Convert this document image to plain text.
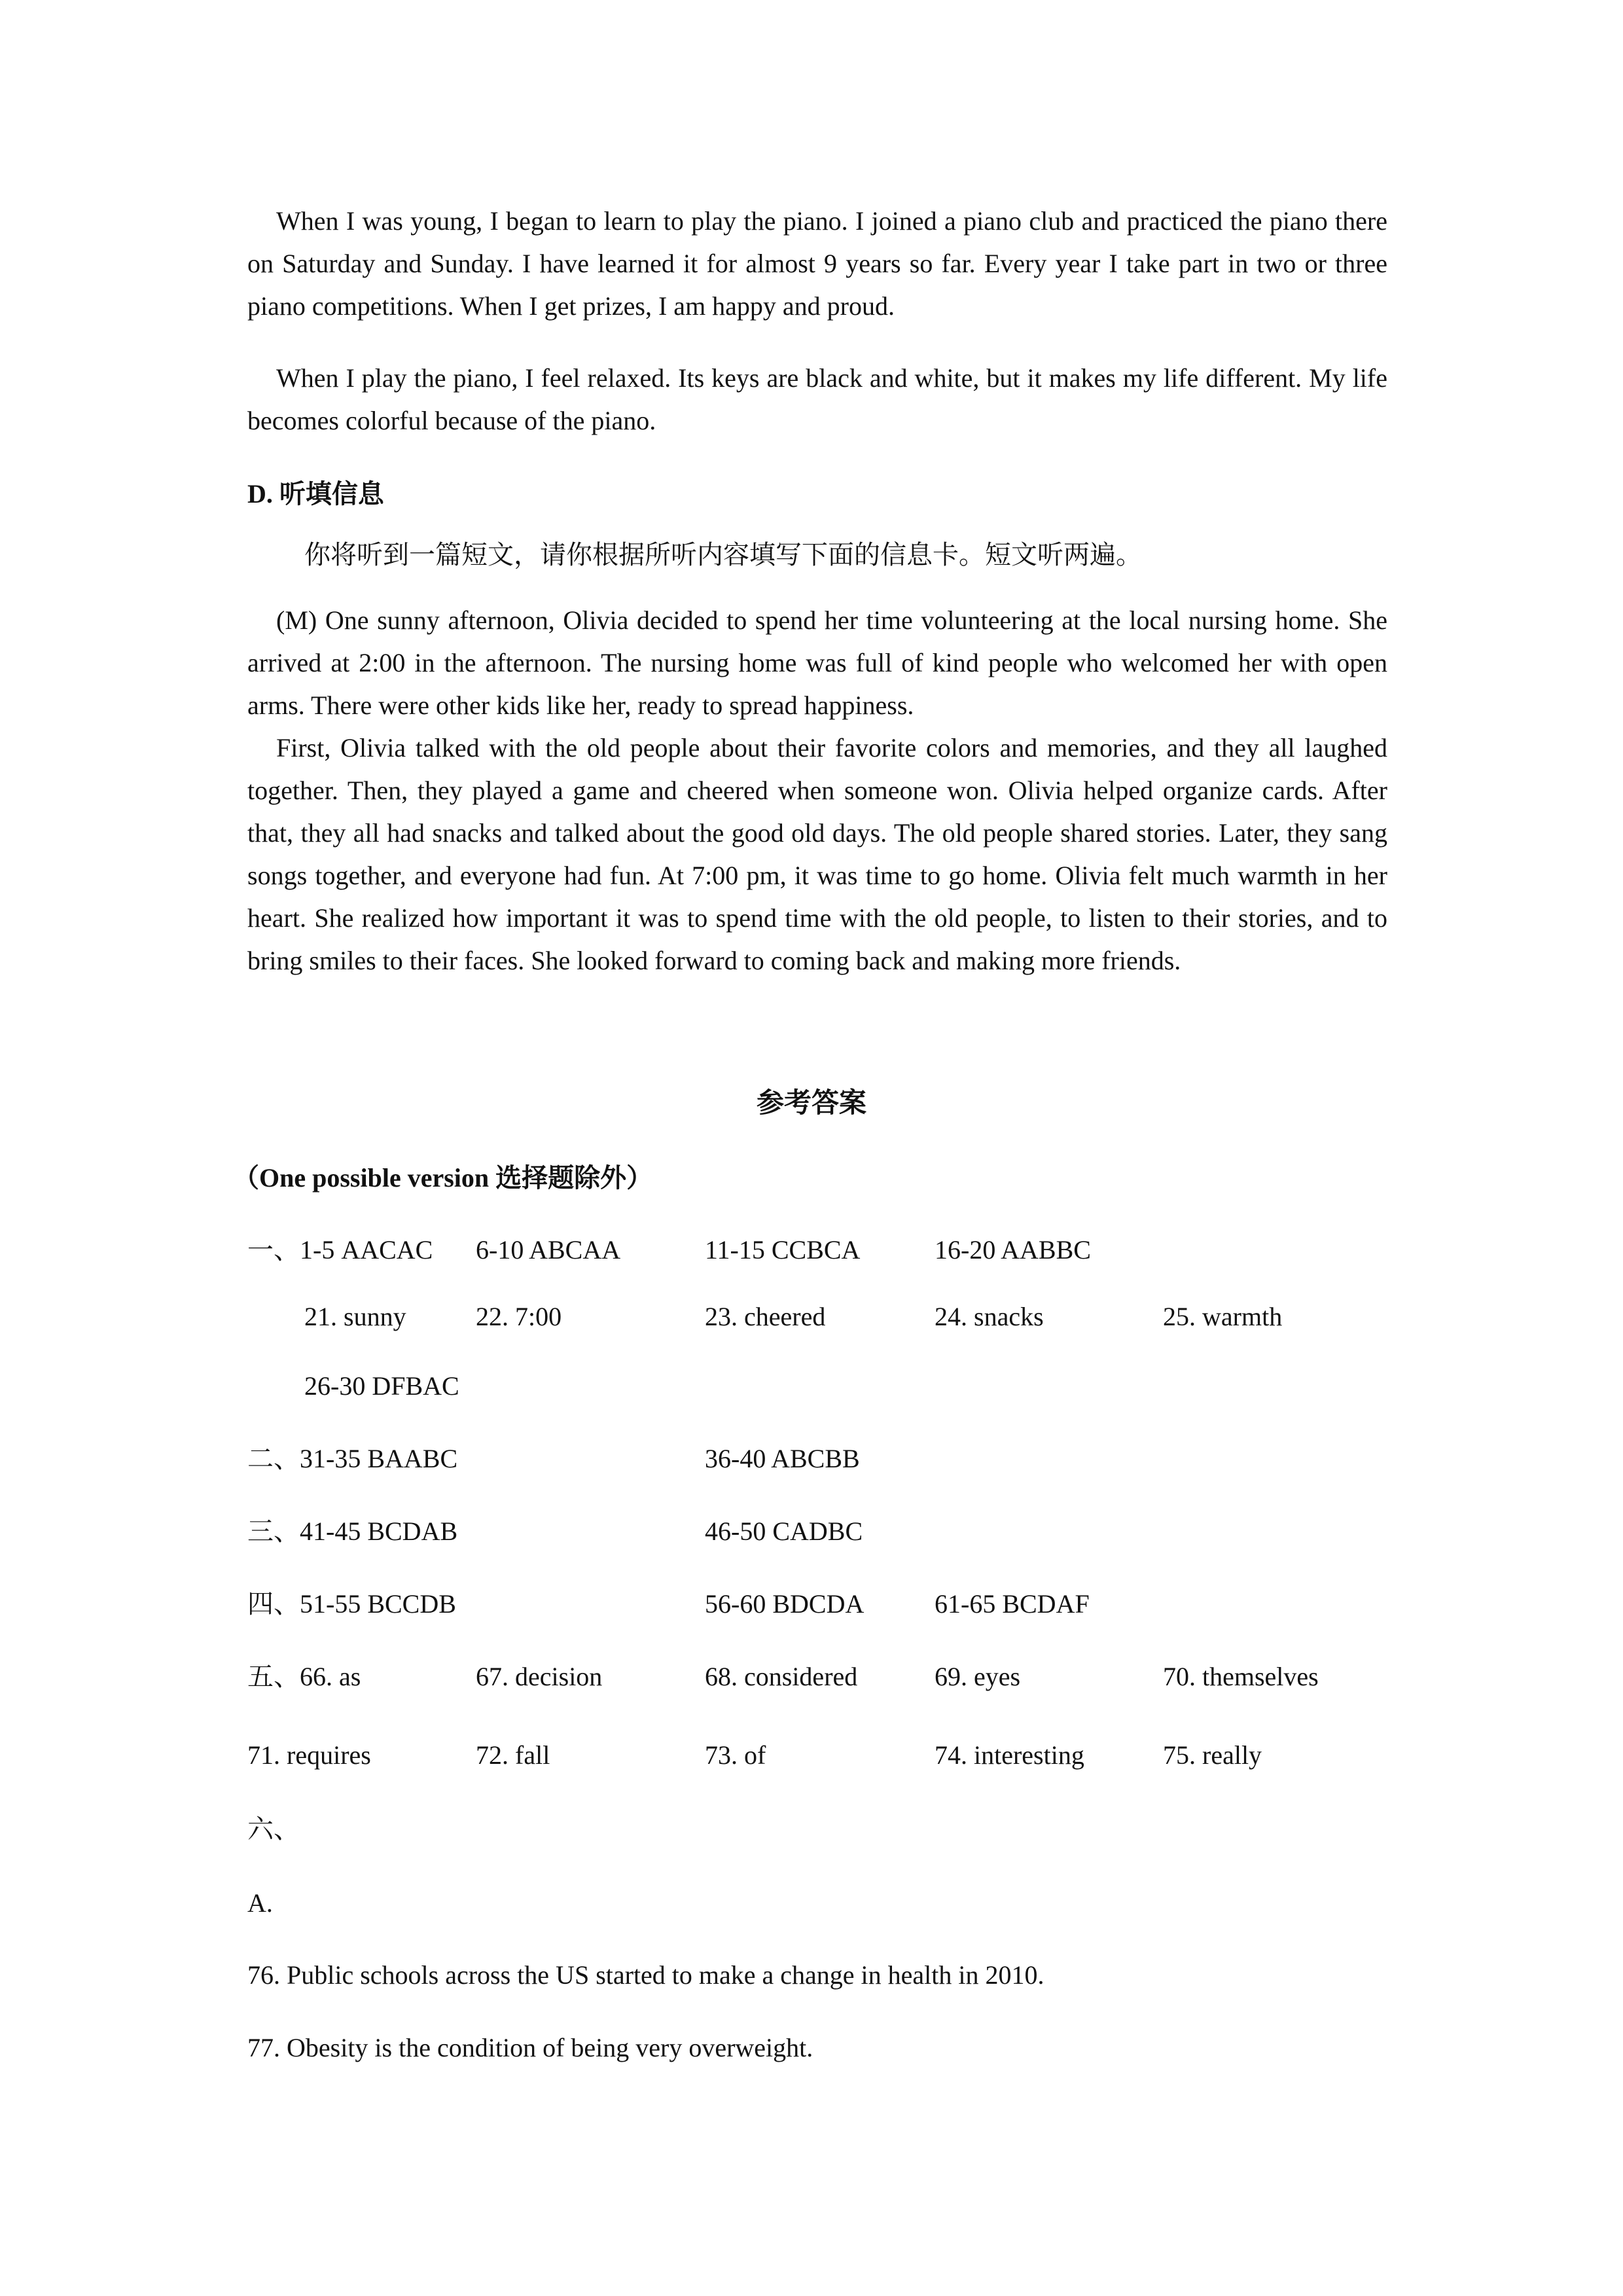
When I was young, I began to learn to play the piano. I joined a piano club and practiced the piano there on Saturday and Sunday. I have learned it for almost 9 years so far. Every year I take part in two or three piano competitions. When I get prizes, I am happy and proud.

When I play the piano, I feel relaxed. Its keys are black and white, but it makes my life different. My life becomes colorful because of the piano.

D. 听填信息
你将听到一篇短文，请你根据所听内容填写下面的信息卡。短文听两遍。

(M) One sunny afternoon, Olivia decided to spend her time volunteering at the local nursing home. She arrived at 2:00 in the afternoon. The nursing home was full of kind people who welcomed her with open arms. There were other kids like her, ready to spread happiness.

First, Olivia talked with the old people about their favorite colors and memories, and they all laughed together. Then, they played a game and cheered when someone won. Olivia helped organize cards. After that, they all had snacks and talked about the good old days. The old people shared stories. Later, they sang songs together, and everyone had fun. At 7:00 pm, it was time to go home. Olivia felt much warmth in her heart. She realized how important it was to spend time with the old people, to listen to their stories, and to bring smiles to their faces. She looked forward to coming back and making more friends.

参考答案
（One possible version 选择题除外）
一、1-5 AACAC 6-10 ABCAA	11-15 CCBCA	16-20 AABBC
21. sunny	22. 7:00	23. cheered	24. snacks	25. warmth
26-30 DFBAC
二、31-35 BAABC	36-40 ABCBB
三、41-45 BCDAB	46-50 CADBC
四、51-55 BCCDB	56-60 BDCDA	61-65 BCDAF
五、66. as	67. decision	68. considered	69. eyes	70. themselves
71. requires	72. fall	73. of	74. interesting	75. really
六、
A.
76. Public schools across the US started to make a change in health in 2010.
77. Obesity is the condition of being very overweight.
